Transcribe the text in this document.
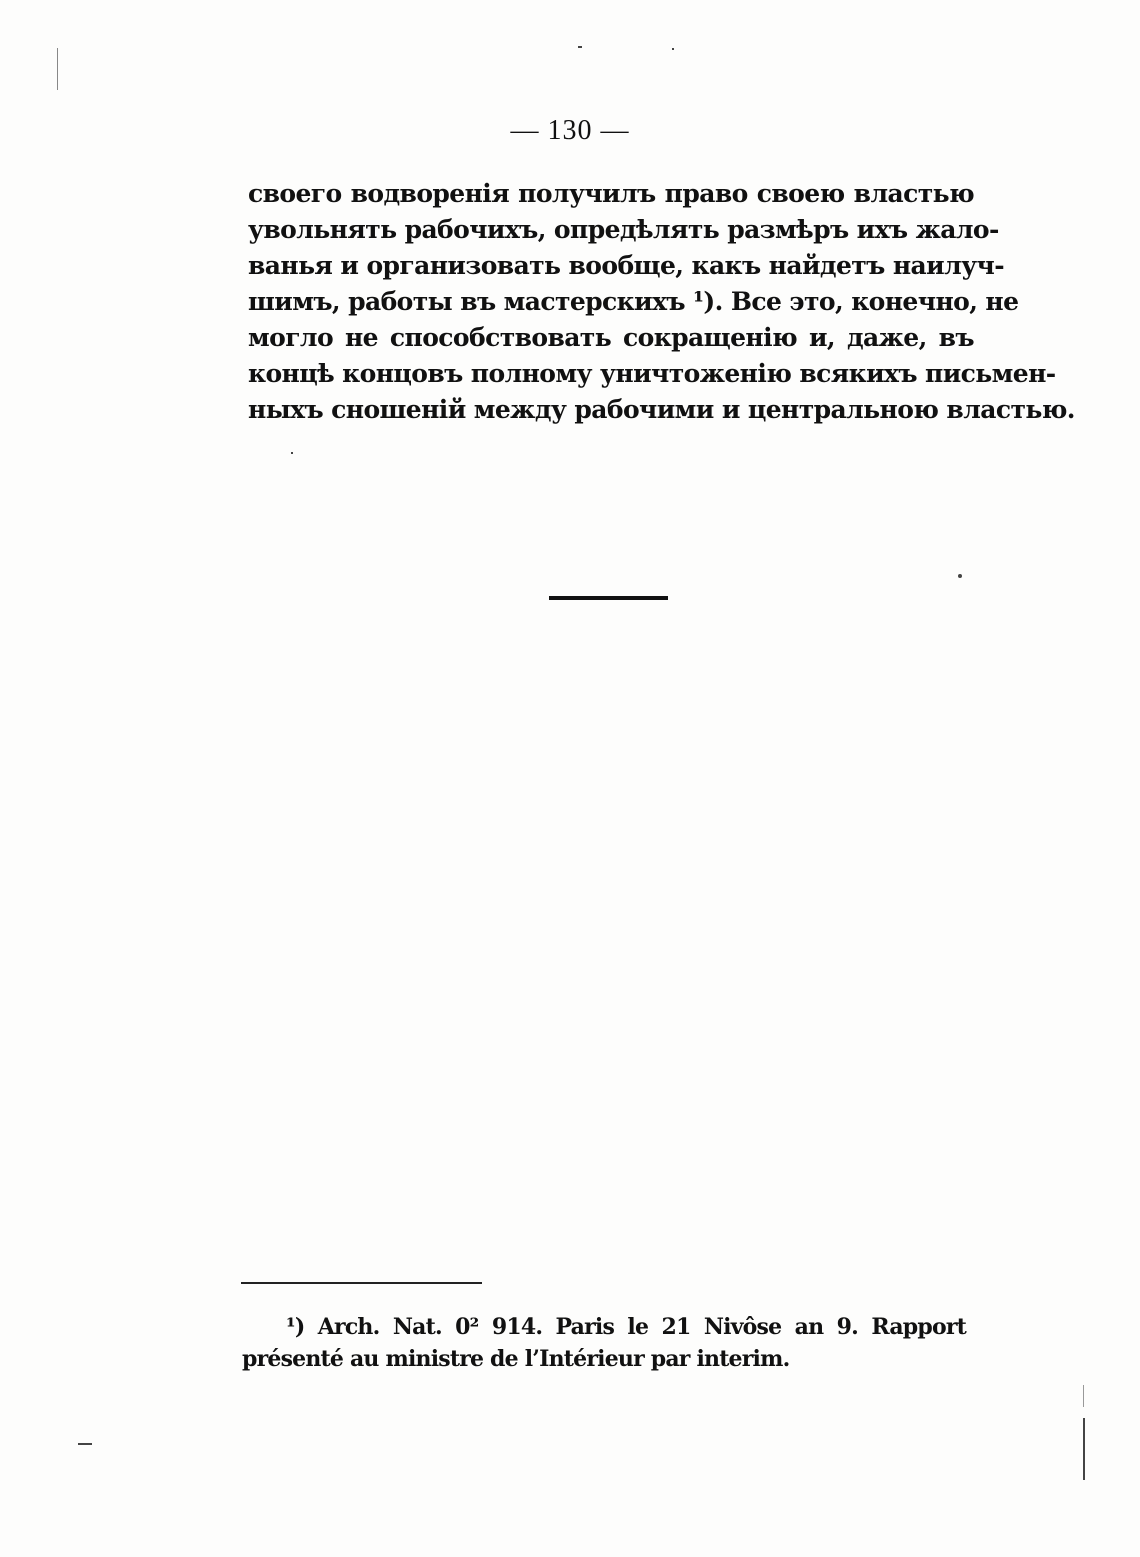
— 130 —
своего водворенія получилъ право своею властью
увольнять рабочихъ, опредѣлять размѣръ ихъ жало-
ванья и организовать вообще, какъ найдетъ наилуч-
шимъ, работы въ мастерскихъ ¹). Все это, конечно, не
могло не способствовать сокращенію и, даже, въ
концѣ концовъ полному уничтоженію всякихъ письмен-
ныхъ сношеній между рабочими и центральною властью.
¹) Arch. Nat. 0² 914. Paris le 21 Nivôse an 9. Rapport
présenté au ministre de l’Intérieur par interim.
